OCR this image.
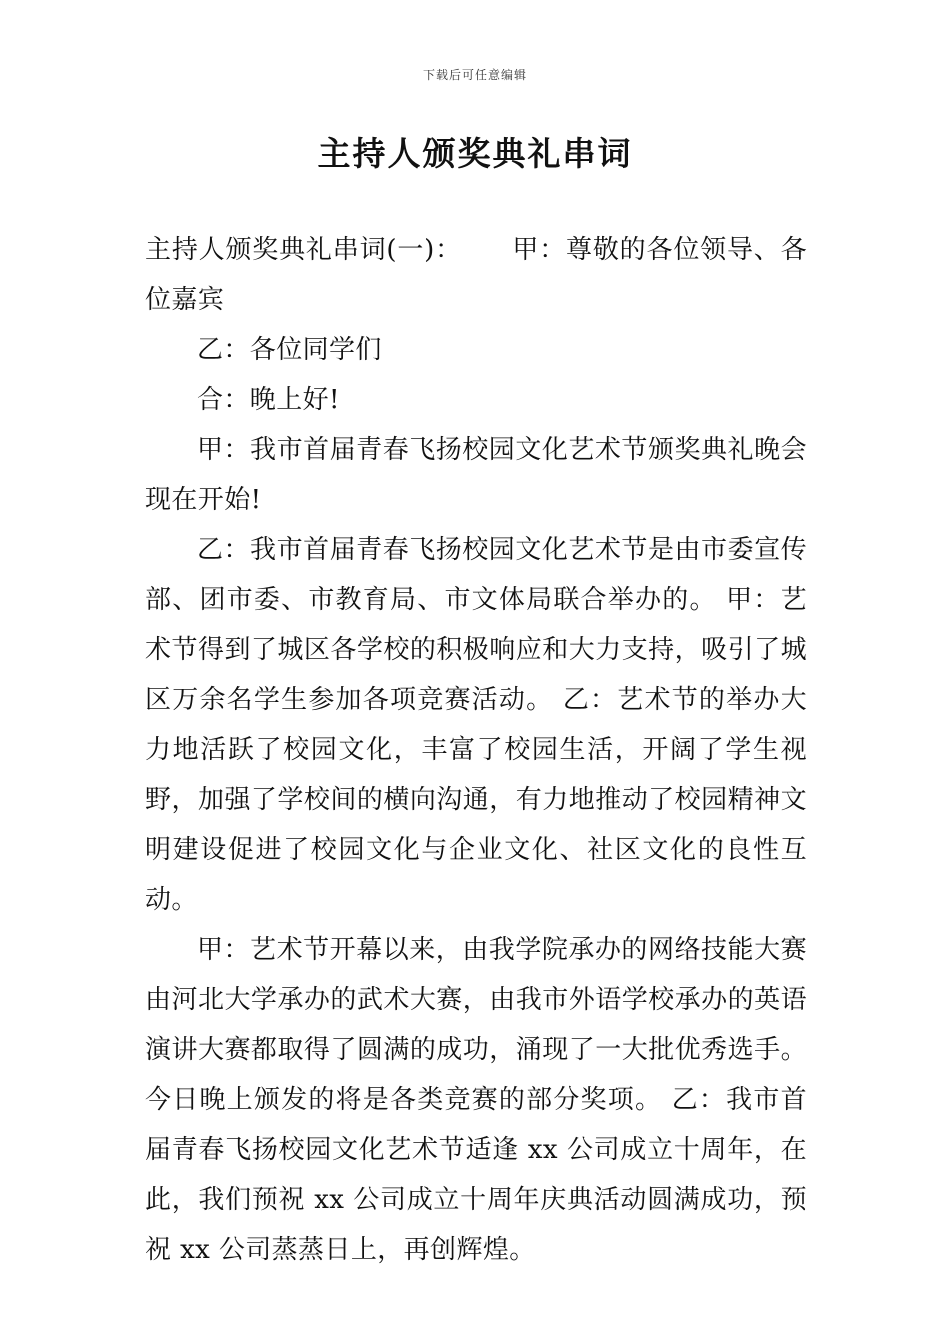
下载后可任意编辑
主持人颁奖典礼串词

主持人颁奖典礼串词(一)： 甲：尊敬的各位领导、各位嘉宾

乙：各位同学们

合：晚上好!

甲：我市首届青春飞扬校园文化艺术节颁奖典礼晚会现在开始!

乙：我市首届青春飞扬校园文化艺术节是由市委宣传部、团市委、市教育局、市文体局联合举办的。 甲：艺术节得到了城区各学校的积极响应和大力支持，吸引了城区万余名学生参加各项竞赛活动。 乙：艺术节的举办大力地活跃了校园文化，丰富了校园生活，开阔了学生视野，加强了学校间的横向沟通，有力地推动了校园精神文明建设促进了校园文化与企业文化、社区文化的良性互动。

甲：艺术节开幕以来，由我学院承办的网络技能大赛由河北大学承办的武术大赛，由我市外语学校承办的英语演讲大赛都取得了圆满的成功，涌现了一大批优秀选手。今日晚上颁发的将是各类竞赛的部分奖项。 乙：我市首届青春飞扬校园文化艺术节适逢 xx 公司成立十周年，在此，我们预祝 xx 公司成立十周年庆典活动圆满成功，预祝 xx 公司蒸蒸日上，再创辉煌。
